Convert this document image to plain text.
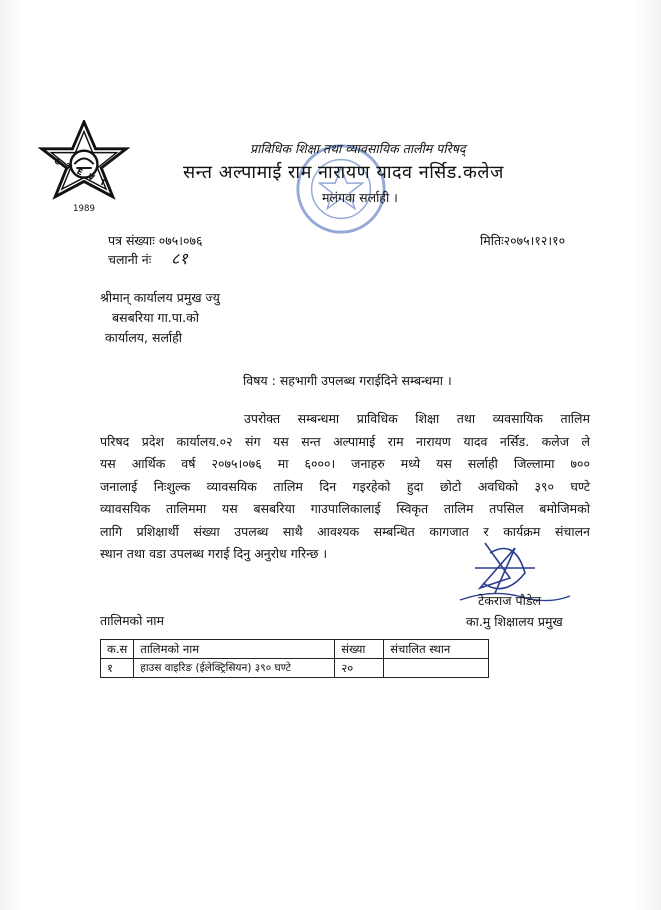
1989
C T E V T
प्राविधिक शिक्षा तथा व्यावसायिक तालीम परिषद्
सन्त अल्पामाई राम नारायण यादव नर्सिड.कलेज
मलंगवा सर्लाही ।
पत्र संख्याः ०७५।०७६
चलानी नंः ८१
मितिः२०७५।१२।१०
श्रीमान् कार्यालय प्रमुख ज्यु
बसबरिया गा.पा.को
कार्यालय, सर्लाही
विषय : सहभागी उपलब्ध गराईदिने सम्बन्धमा ।

उपरोक्त सम्बन्धमा प्राविधिक शिक्षा तथा व्यवसायिक तालिम

परिषद प्रदेश कार्यालय.०२ संग यस सन्त अल्पामाई राम नारायण यादव नर्सिड. कलेज ले

यस आर्थिक वर्ष २०७५।०७६ मा ६०००। जनाहरु मध्ये यस सर्लाही जिल्लामा ७००

जनालाई निःशुल्क व्यावसयिक तालिम दिन गइरहेको हुदा छोटो अवधिको ३९० घण्टे

व्यावसयिक तालिममा यस बसबरिया गाउपालिकालाई स्विकृत तालिम तपसिल बमोजिमको

लागि प्रशिक्षार्थी संख्या उपलब्ध साथै आवश्यक सम्बन्धित कागजात र कार्यक्रम संचालन

स्थान तथा वडा उपलब्ध गराई दिनु अनुरोध गरिन्छ ।

टेकराज पौडेल
का.मु शिक्षालय प्रमुख
तालिमको नाम
क.स	तालिमको नाम	संख्या	संचालित स्थान
१	हाउस वाइरिङ (ईलेक्ट्रिसियन) ३९० घण्टे	२०	
